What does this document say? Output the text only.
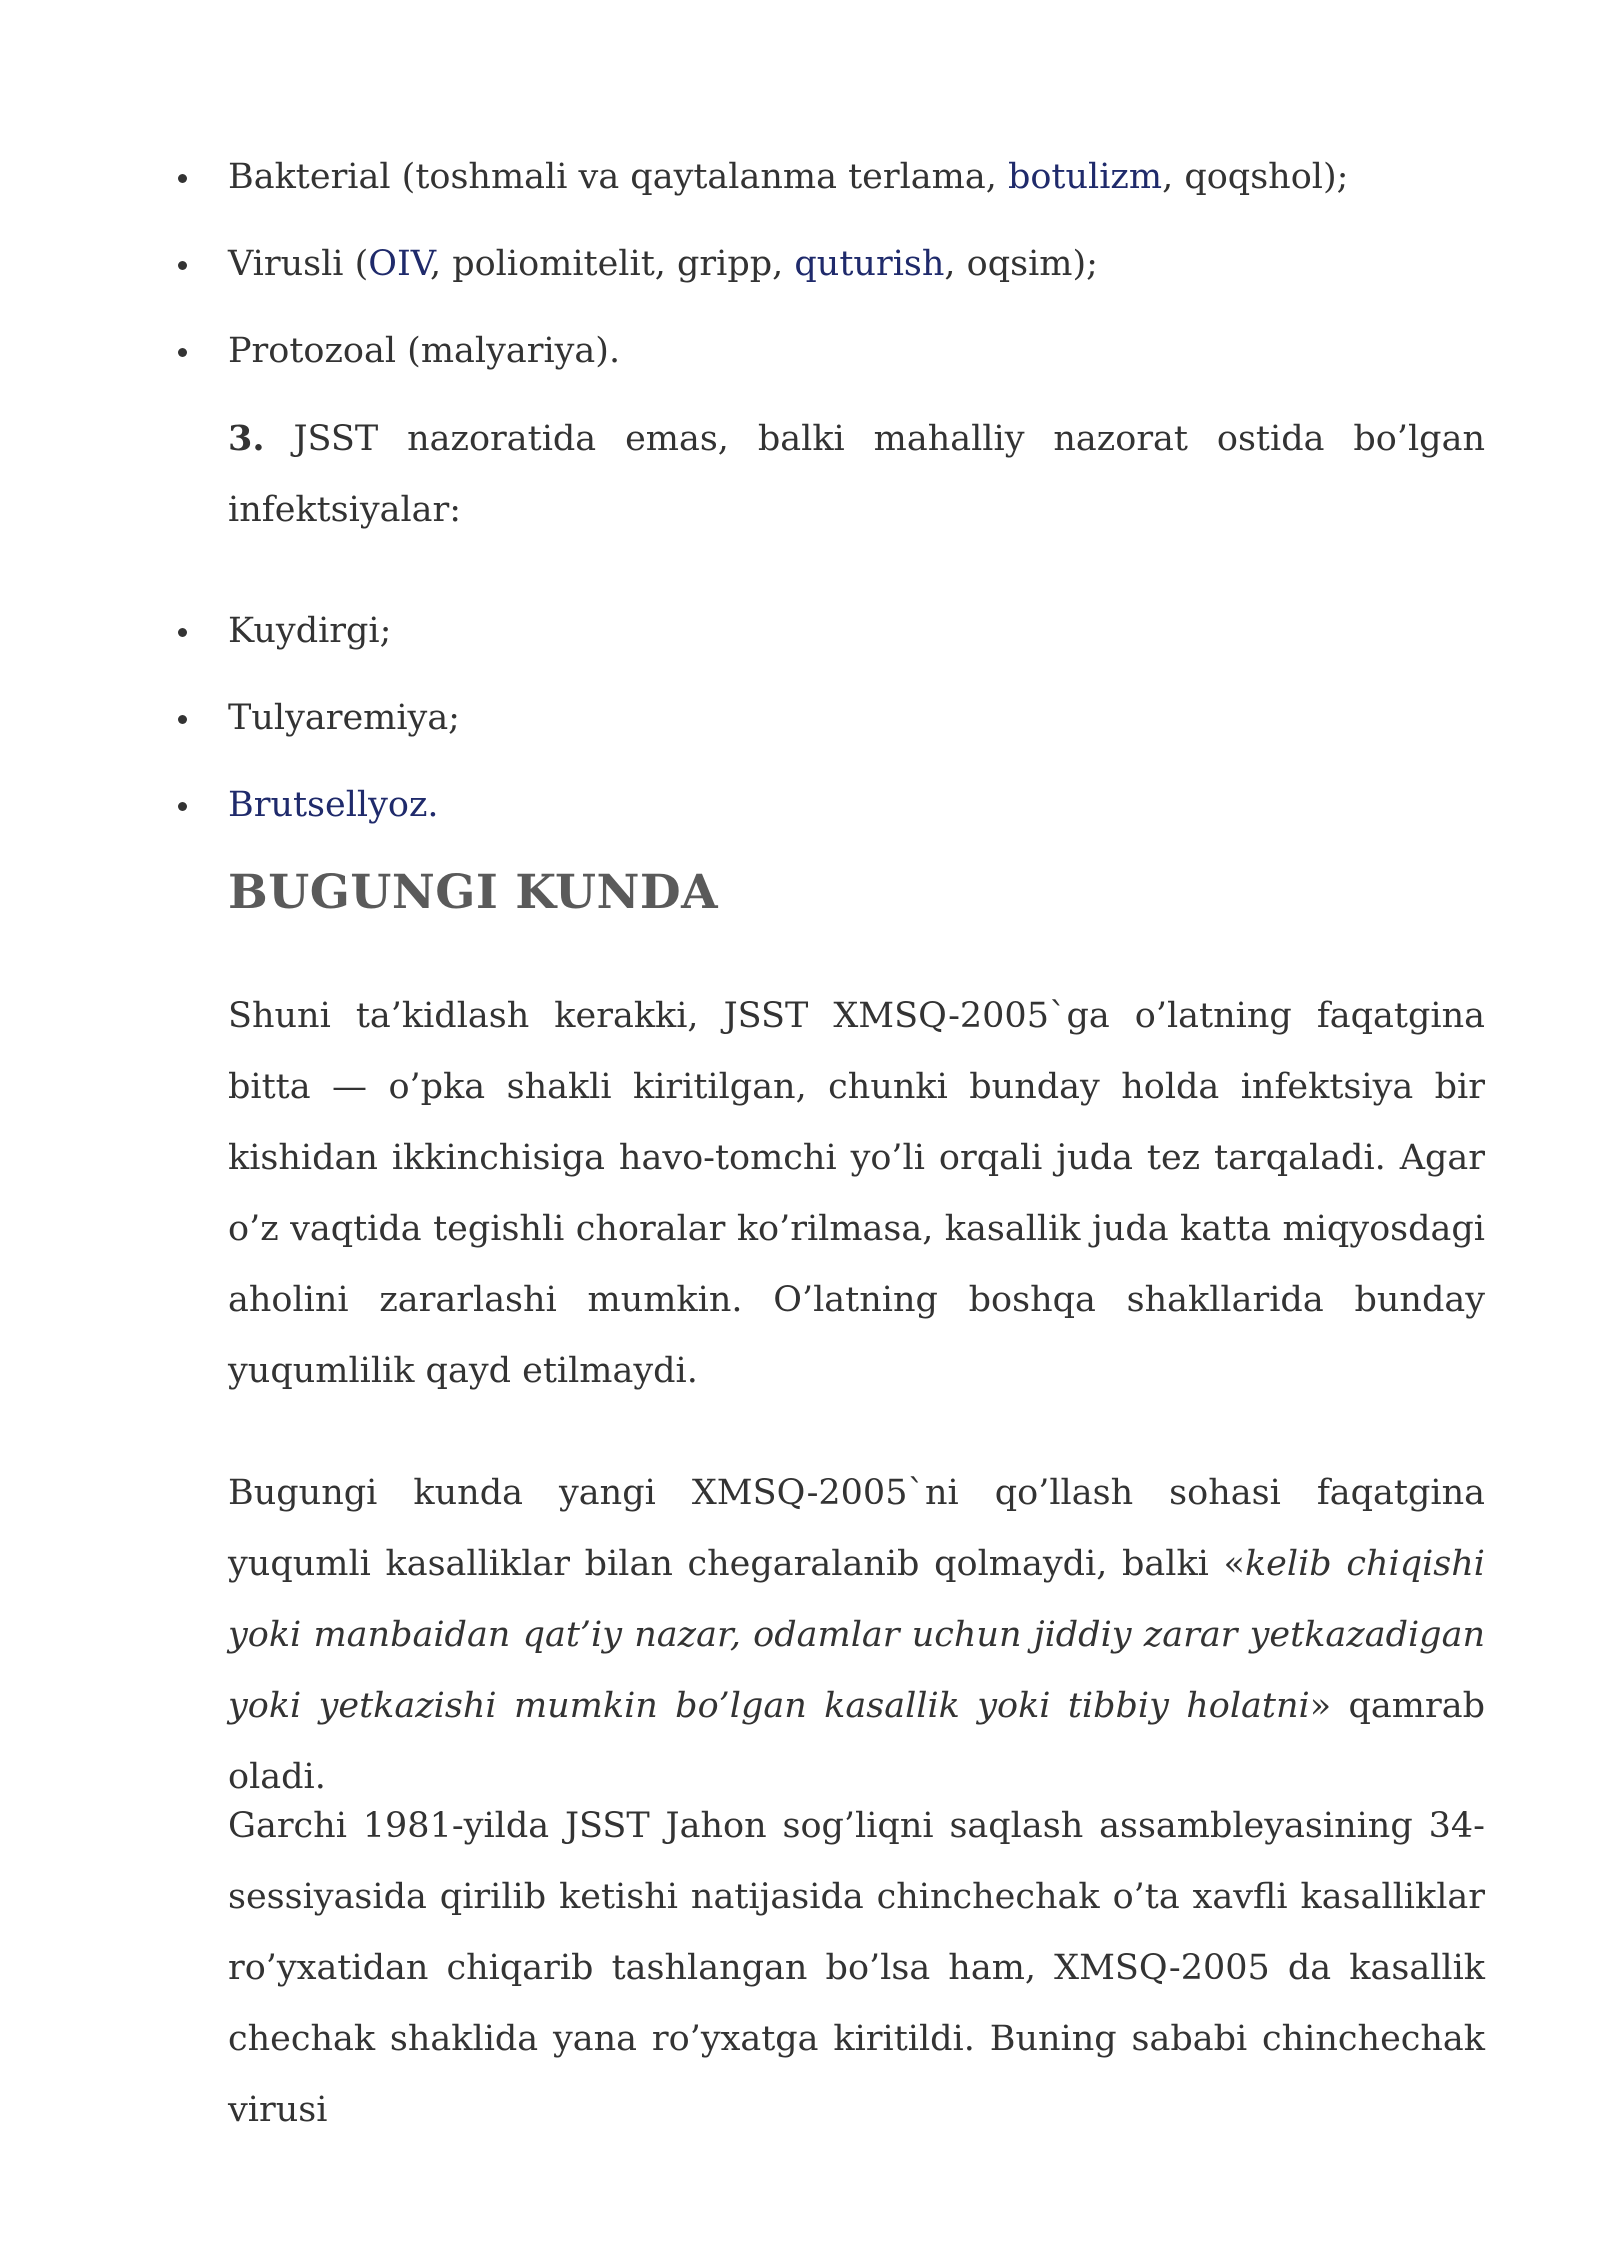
Bakterial (toshmali va qaytalanma terlama, botulizm, qoqshol);
Virusli (OIV, poliomitelit, gripp, quturish, oqsim);
Protozoal (malyariya).
3. JSST nazoratida emas, balki mahalliy nazorat ostida bo’lgan infektsiyalar:
Kuydirgi;
Tulyaremiya;
Brutsellyoz.
BUGUNGI KUNDA

Shuni ta’kidlash kerakki, JSST XMSQ-2005`ga o’latning faqatgina bitta — o’pka shakli kiritilgan, chunki bunday holda infektsiya bir kishidan ikkinchisiga havo-tomchi yo’li orqali juda tez tarqaladi. Agar o’z vaqtida tegishli choralar ko’rilmasa, kasallik juda katta miqyosdagi aholini zararlashi mumkin. O’latning boshqa shakllarida bunday yuqumlilik qayd etilmaydi.

Bugungi kunda yangi XMSQ-2005`ni qo’llash sohasi faqatgina yuqumli kasalliklar bilan chegaralanib qolmaydi, balki «kelib chiqishi yoki manbaidan qat’iy nazar, odamlar uchun jiddiy zarar yetkazadigan yoki yetkazishi mumkin bo’lgan kasallik yoki tibbiy holatni» qamrab oladi.

Garchi 1981-yilda JSST Jahon sog’liqni saqlash assambleyasining 34-sessiyasida qirilib ketishi natijasida chinchechak o’ta xavfli kasalliklar ro’yxatidan chiqarib tashlangan bo’lsa ham, XMSQ-2005 da kasallik chechak shaklida yana ro’yxatga kiritildi. Buning sababi chinchechak virusi
